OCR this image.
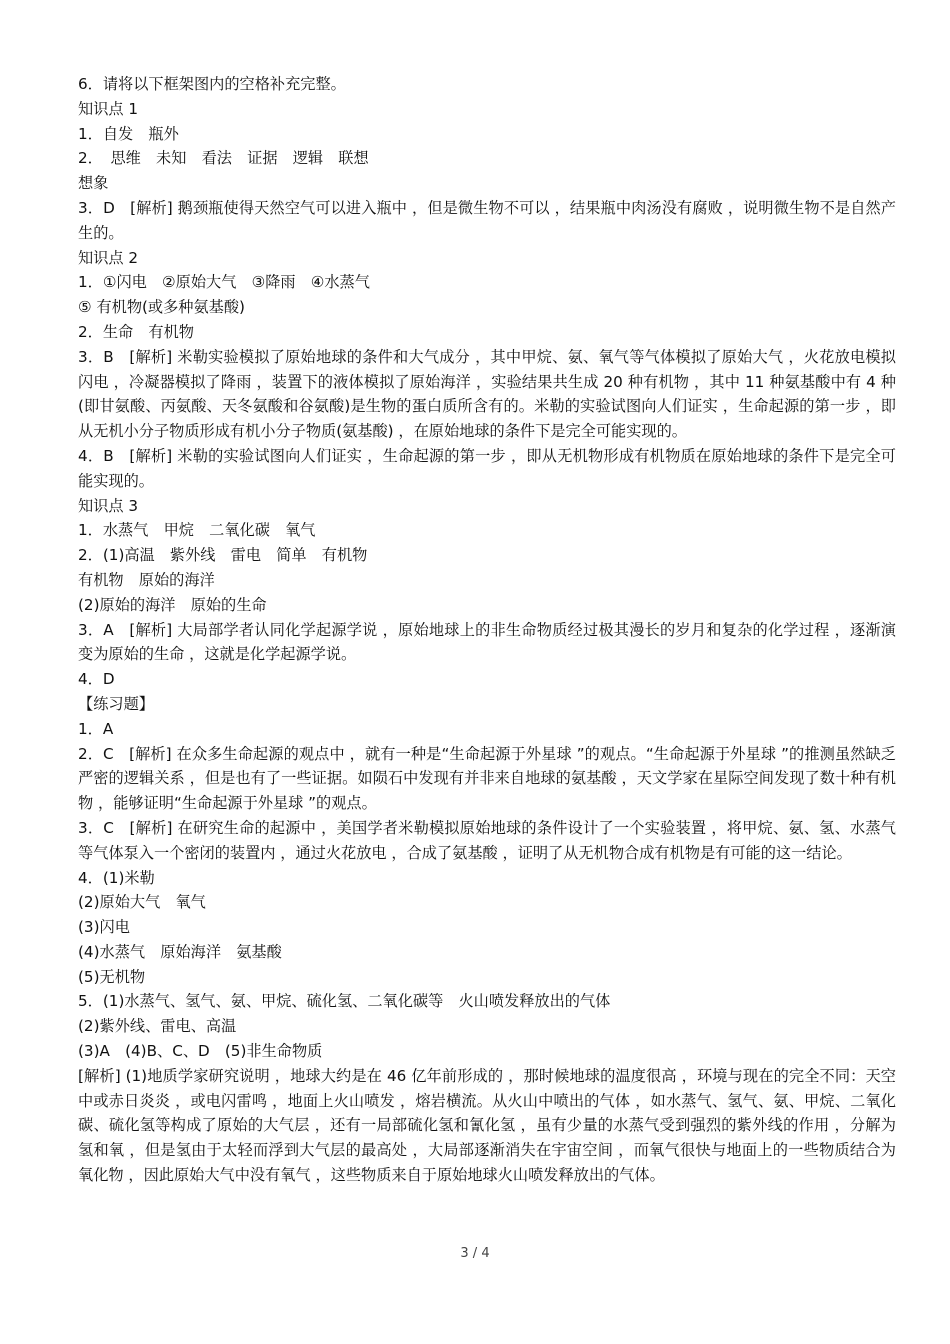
6．请将以下框架图内的空格补充完整。
知识点 1
1．自发　瓶外
2．　思维　未知　看法　证据　逻辑　联想
想象
3．D　[解析] 鹅颈瓶使得天然空气可以进入瓶中 ，但是微生物不可以 ，结果瓶中肉汤没有腐败 ，说明微生物不是自然产生的。
知识点 2
1．①闪电　②原始大气　③降雨　④水蒸气
⑤ 有机物(或多种氨基酸)
2．生命　有机物
3．B　[解析] 米勒实验模拟了原始地球的条件和大气成分 ，其中甲烷、氨、氧气等气体模拟了原始大气 ，火花放电模拟闪电 ，冷凝器模拟了降雨 ，装置下的液体模拟了原始海洋 ，实验结果共生成 20 种有机物 ，其中 11 种氨基酸中有 4 种(即甘氨酸、丙氨酸、天冬氨酸和谷氨酸)是生物的蛋白质所含有的。米勒的实验试图向人们证实 ，生命起源的第一步 ，即从无机小分子物质形成有机小分子物质(氨基酸) ，在原始地球的条件下是完全可能实现的。
4．B　[解析] 米勒的实验试图向人们证实 ，生命起源的第一步 ，即从无机物形成有机物质在原始地球的条件下是完全可能实现的。
知识点 3
1．水蒸气　甲烷　二氧化碳　氧气
2．(1)高温　紫外线　雷电　简单　有机物
有机物　原始的海洋
(2)原始的海洋　原始的生命
3．A　[解析] 大局部学者认同化学起源学说 ，原始地球上的非生命物质经过极其漫长的岁月和复杂的化学过程 ，逐渐演变为原始的生命 ，这就是化学起源学说。
4．D
【练习题】
1．A
2．C　[解析] 在众多生命起源的观点中 ，就有一种是“生命起源于外星球 ”的观点。“生命起源于外星球 ”的推测虽然缺乏严密的逻辑关系 ，但是也有了一些证据。如陨石中发现有并非来自地球的氨基酸 ，天文学家在星际空间发现了数十种有机物 ，能够证明“生命起源于外星球 ”的观点。
3．C　[解析] 在研究生命的起源中 ，美国学者米勒模拟原始地球的条件设计了一个实验装置 ，将甲烷、氨、氢、水蒸气等气体泵入一个密闭的装置内 ，通过火花放电 ，合成了氨基酸 ，证明了从无机物合成有机物是有可能的这一结论。
4．(1)米勒
(2)原始大气　氧气
(3)闪电
(4)水蒸气　原始海洋　氨基酸
(5)无机物
5．(1)水蒸气、氢气、氨、甲烷、硫化氢、二氧化碳等　火山喷发释放出的气体
(2)紫外线、雷电、高温
(3)A　(4)B、C、D　(5)非生命物质
[解析] (1)地质学家研究说明 ，地球大约是在 46 亿年前形成的 ，那时候地球的温度很高 ，环境与现在的完全不同：天空中或赤日炎炎 ，或电闪雷鸣 ，地面上火山喷发 ，熔岩横流。从火山中喷出的气体 ，如水蒸气、氢气、氨、甲烷、二氧化碳、硫化氢等构成了原始的大气层 ，还有一局部硫化氢和氰化氢 ，虽有少量的水蒸气受到强烈的紫外线的作用 ，分解为氢和氧 ，但是氢由于太轻而浮到大气层的最高处 ，大局部逐渐消失在宇宙空间 ，而氧气很快与地面上的一些物质结合为氧化物 ，因此原始大气中没有氧气 ，这些物质来自于原始地球火山喷发释放出的气体。
3 / 4
